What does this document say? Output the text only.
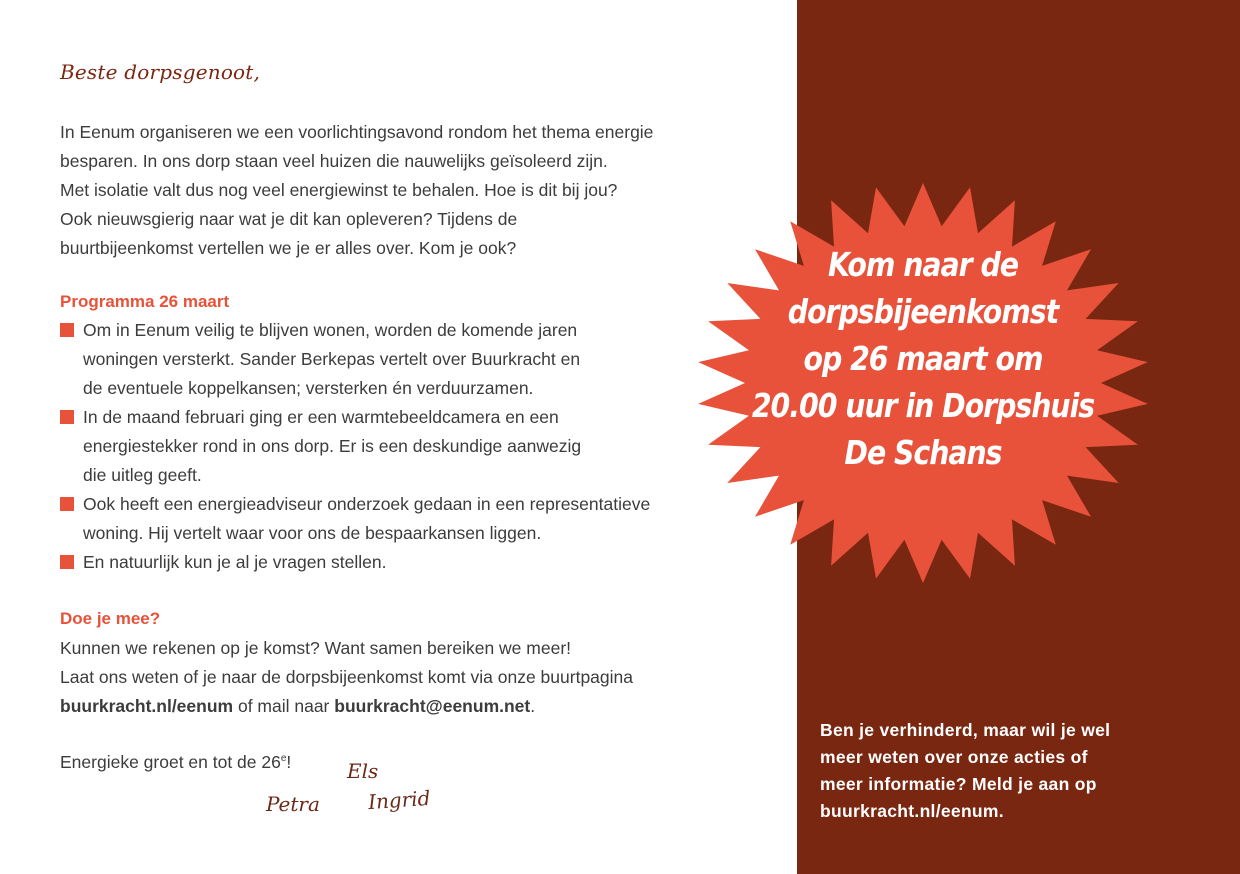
Beste dorpsgenoot,
In Eenum organiseren we een voorlichtingsavond rondom het thema energie
besparen. In ons dorp staan veel huizen die nauwelijks geïsoleerd zijn.
Met isolatie valt dus nog veel energiewinst te behalen. Hoe is dit bij jou?
Ook nieuwsgierig naar wat je dit kan opleveren? Tijdens de
buurtbijeenkomst vertellen we je er alles over. Kom je ook?
Programma 26 maart
Om in Eenum veilig te blijven wonen, worden de komende jaren
woningen versterkt. Sander Berkepas vertelt over Buurkracht en
de eventuele koppelkansen; versterken én verduurzamen.
In de maand februari ging er een warmtebeeldcamera en een
energiestekker rond in ons dorp. Er is een deskundige aanwezig
die uitleg geeft.
Ook heeft een energieadviseur onderzoek gedaan in een representatieve
woning. Hij vertelt waar voor ons de bespaarkansen liggen.
En natuurlijk kun je al je vragen stellen.
Doe je mee?
Kunnen we rekenen op je komst? Want samen bereiken we meer!
Laat ons weten of je naar de dorpsbijeenkomst komt via onze buurtpagina
buurkracht.nl/eenum of mail naar buurkracht@eenum.net.
Energieke groet en tot de 26e!	Els
Petra Ingrid
Kom naar de
dorpsbijeenkomst
op 26 maart om
20.00 uur in Dorpshuis
De Schans
Ben je verhinderd, maar wil je wel
meer weten over onze acties of
meer informatie? Meld je aan op
buurkracht.nl/eenum.
